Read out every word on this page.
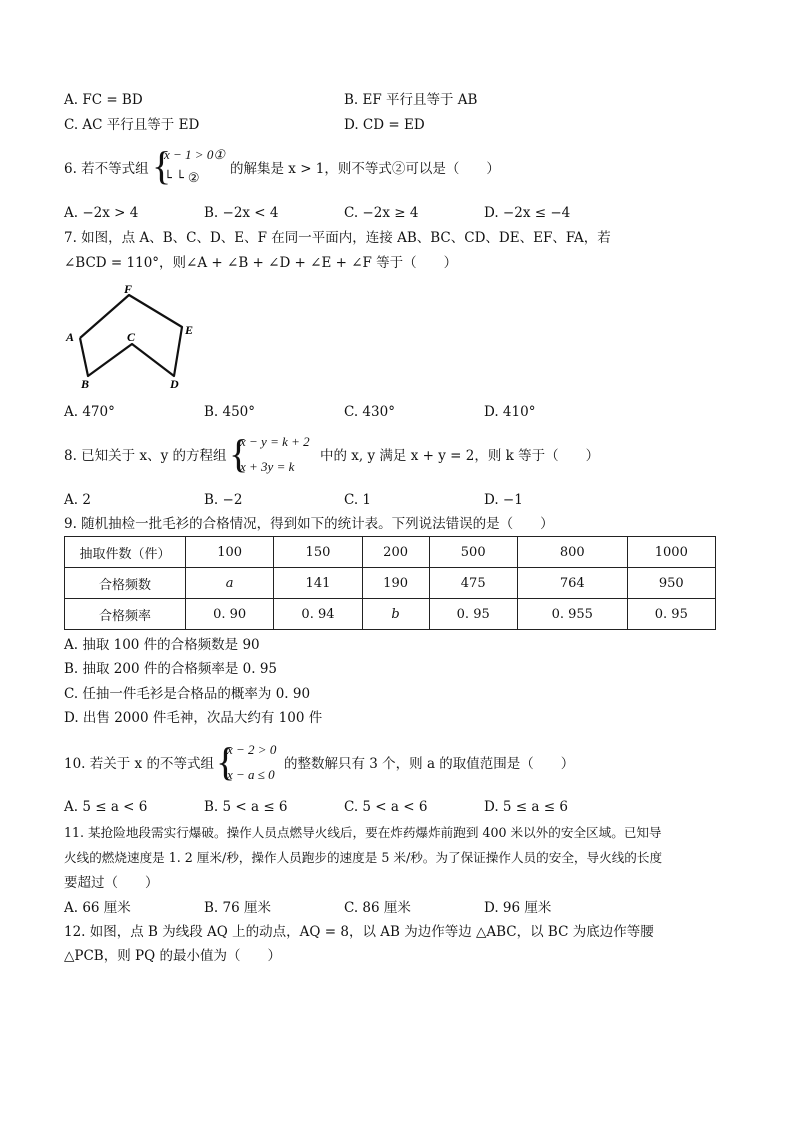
A. FC = BD	B. EF 平行且等于 AB
C. AC 平行且等于 ED	D. CD = ED
6. 若不等式组 {
x − 1 > 0①
└ └ ②
的解集是 x > 1，则不等式②可以是（　　）
A. −2x > 4	B. −2x < 4	C. −2x ≥ 4	D. −2x ≤ −4
7. 如图，点 A、B、C、D、E、F 在同一平面内，连接 AB、BC、CD、DE、EF、FA，若
∠BCD = 110°，则∠A + ∠B + ∠D + ∠E + ∠F 等于（　　）
F
A	C	E
B	D
A. 470°	B. 450°	C. 430°	D. 410°
8. 已知关于 x、y 的方程组 {
x − y = k + 2
x + 3y = k
中的 x, y 满足 x + y = 2，则 k 等于（　　）
A. 2	B. −2	C. 1	D. −1
9. 随机抽检一批毛衫的合格情况，得到如下的统计表。下列说法错误的是（　　）
抽取件数（件）	100	150	200	500	800	1000
合格频数	a	141	190	475	764	950
合格频率	0. 90	0. 94	b	0. 95	0. 955	0. 95
A. 抽取 100 件的合格频数是 90
B. 抽取 200 件的合格频率是 0. 95
C. 任抽一件毛衫是合格品的概率为 0. 90
D. 出售 2000 件毛神，次品大约有 100 件
10. 若关于 x 的不等式组 {
x − 2 > 0
x − a ≤ 0
的整数解只有 3 个，则 a 的取值范围是（　　）
A. 5 ≤ a < 6	B. 5 < a ≤ 6	C. 5 < a < 6	D. 5 ≤ a ≤ 6
11. 某抢险地段需实行爆破。操作人员点燃导火线后，要在炸药爆炸前跑到 400 米以外的安全区域。已知导
火线的燃烧速度是 1. 2 厘米/秒，操作人员跑步的速度是 5 米/秒。为了保证操作人员的安全，导火线的长度
要超过（　　）
A. 66 厘米	B. 76 厘米	C. 86 厘米	D. 96 厘米
12. 如图，点 B 为线段 AQ 上的动点，AQ = 8，以 AB 为边作等边 △ABC，以 BC 为底边作等腰
△PCB，则 PQ 的最小值为（　　）
